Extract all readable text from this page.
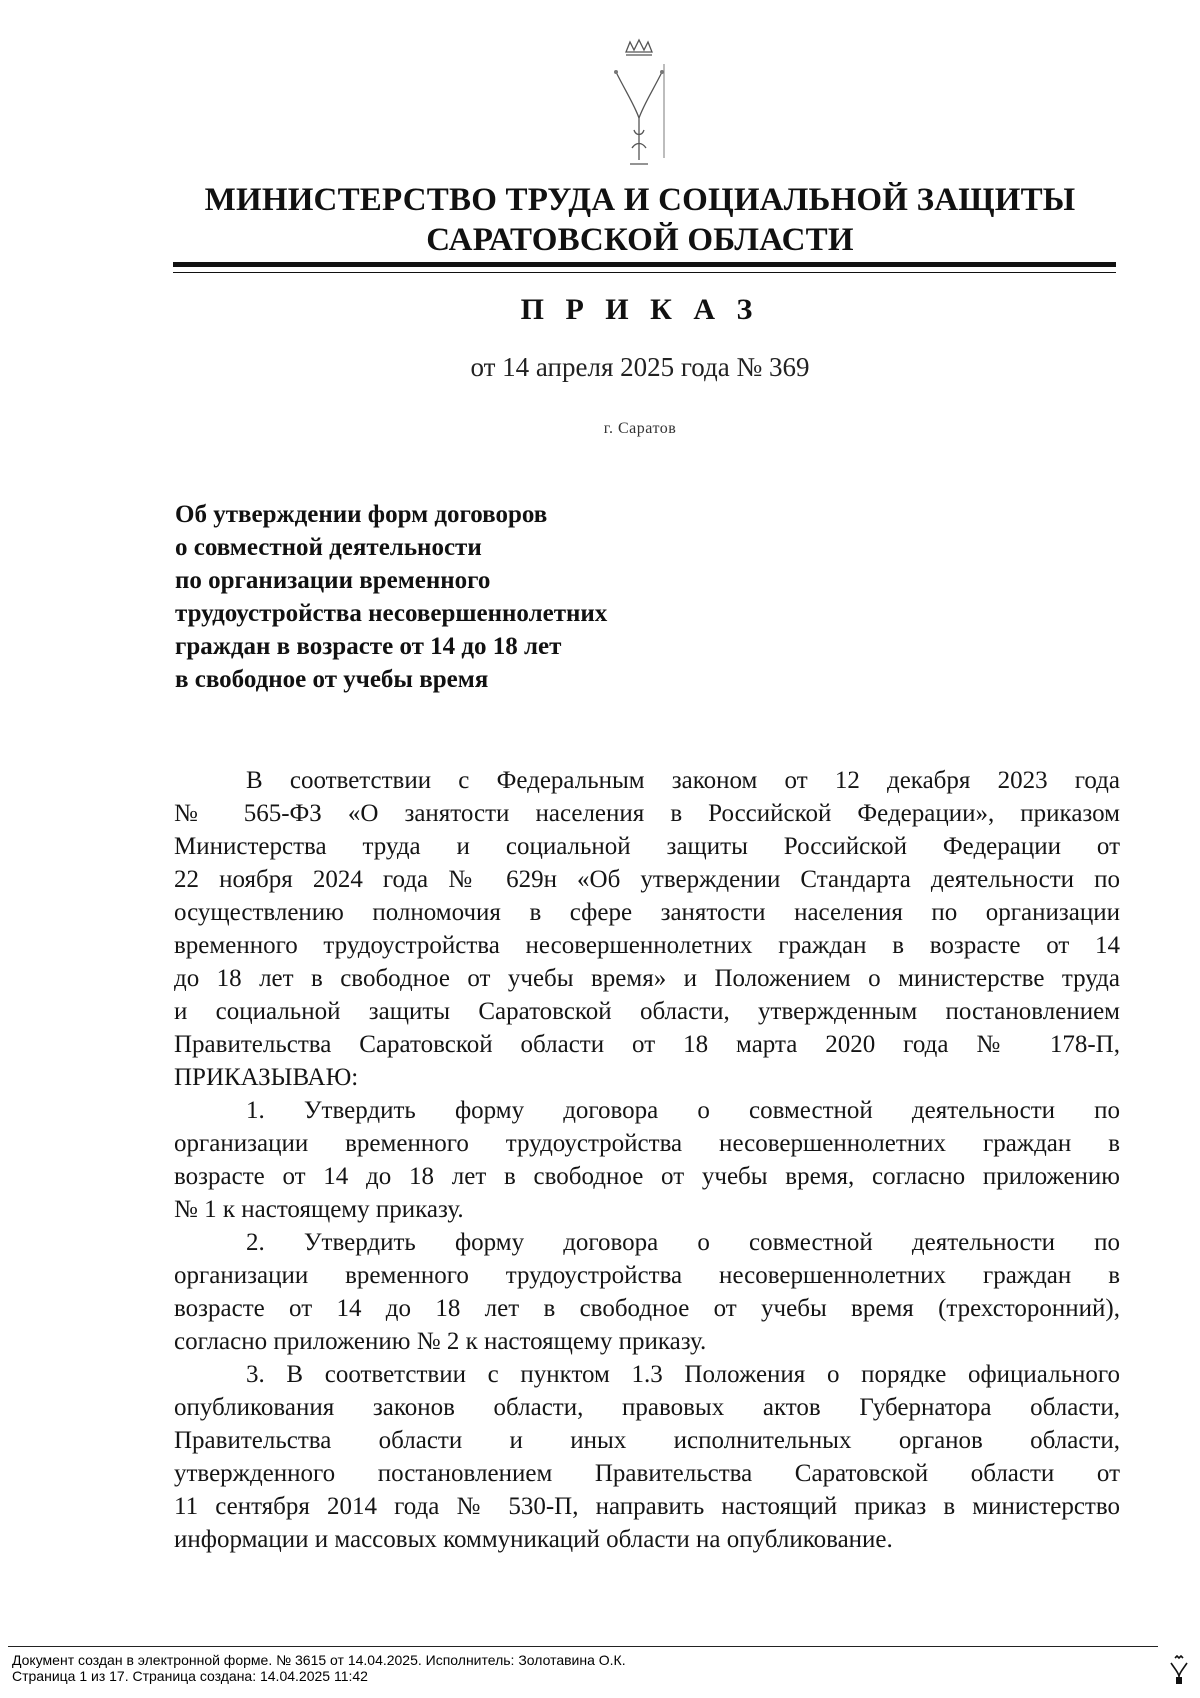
МИНИСТЕРСТВО ТРУДА И СОЦИАЛЬНОЙ ЗАЩИТЫ
САРАТОВСКОЙ ОБЛАСТИ
П Р И К А З
от 14 апреля 2025 года № 369
г. Саратов
Об утверждении форм договоров
о совместной деятельности
по организации временного
трудоустройства несовершеннолетних
граждан в возрасте от 14 до 18 лет
в свободное от учебы время
В соответствии с Федеральным законом от 12 декабря 2023 года
№ 565-ФЗ «О занятости населения в Российской Федерации», приказом
Министерства труда и социальной защиты Российской Федерации от
22 ноября 2024 года № 629н «Об утверждении Стандарта деятельности по
осуществлению полномочия в сфере занятости населения по организации
временного трудоустройства несовершеннолетних граждан в возрасте от 14
до 18 лет в свободное от учебы время» и Положением о министерстве труда
и социальной защиты Саратовской области, утвержденным постановлением
Правительства Саратовской области от 18 марта 2020 года № 178-П,
ПРИКАЗЫВАЮ:
1. Утвердить форму договора о совместной деятельности по
организации временного трудоустройства несовершеннолетних граждан в
возрасте от 14 до 18 лет в свободное от учебы время, согласно приложению
№ 1 к настоящему приказу.
2. Утвердить форму договора о совместной деятельности по
организации временного трудоустройства несовершеннолетних граждан в
возрасте от 14 до 18 лет в свободное от учебы время (трехсторонний),
согласно приложению № 2 к настоящему приказу.
3. В соответствии с пунктом 1.3 Положения о порядке официального
опубликования законов области, правовых актов Губернатора области,
Правительства области и иных исполнительных органов области,
утвержденного постановлением Правительства Саратовской области от
11 сентября 2014 года № 530-П, направить настоящий приказ в министерство
информации и массовых коммуникаций области на опубликование.
Документ создан в электронной форме. № 3615 от 14.04.2025. Исполнитель: Золотавина О.К.
Страница 1 из 17. Страница создана: 14.04.2025 11:42
